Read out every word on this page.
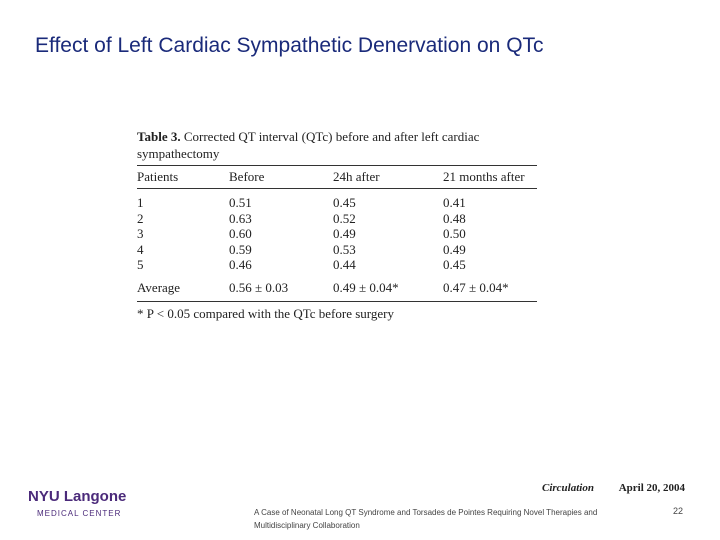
Effect of Left Cardiac Sympathetic Denervation on QTc
Table 3. Corrected QT interval (QTc) before and after left cardiac sympathectomy
Patients	Before	24h after	21 months after

1	0.51	0.45	0.41
2	0.63	0.52	0.48
3	0.60	0.49	0.50
4	0.59	0.53	0.49
5	0.46	0.44	0.45
Average	0.56 ± 0.03	0.49 ± 0.04*	0.47 ± 0.04*
* P < 0.05 compared with the QTc before surgery
Circulation April 20, 2004
NYU Langone
MEDICAL CENTER	A Case of Neonatal Long QT Syndrome and Torsades de Pointes Requiring Novel Therapies and Multidisciplinary Collaboration
22
